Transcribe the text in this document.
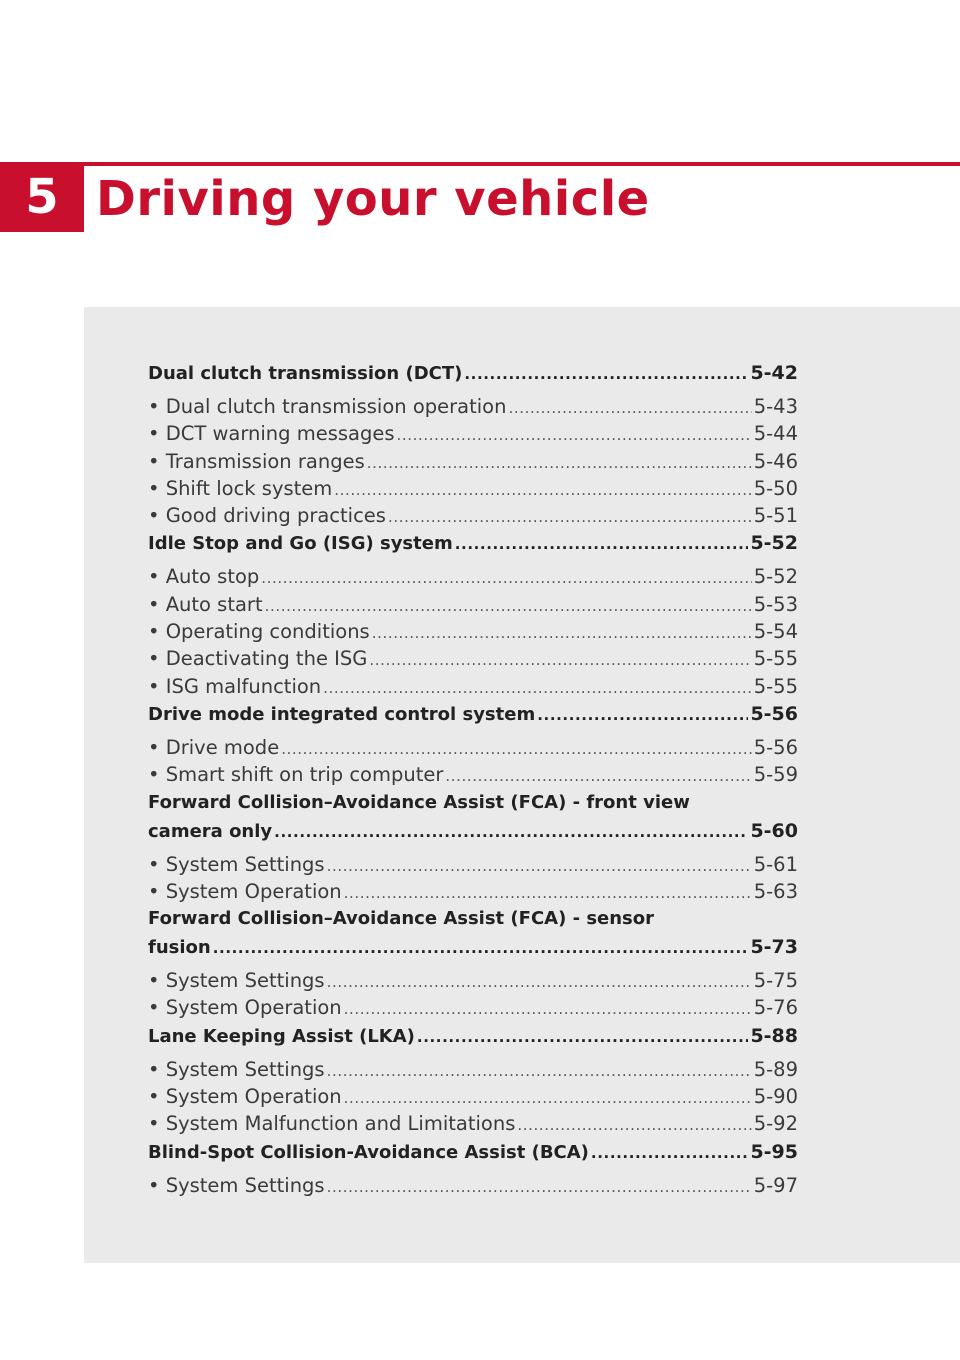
5 Driving your vehicle
Dual clutch transmission (DCT) .....	5-42
• Dual clutch transmission operation .....	5-43
• DCT warning messages .....	5-44
• Transmission ranges .....	5-46
• Shift lock system .....	5-50
• Good driving practices .....	5-51
Idle Stop and Go (ISG) system .....	5-52
• Auto stop .....	5-52
• Auto start .....	5-53
• Operating conditions .....	5-54
• Deactivating the ISG .....	5-55
• ISG malfunction .....	5-55
Drive mode integrated control system .....	5-56
• Drive mode .....	5-56
• Smart shift on trip computer .....	5-59
Forward Collision–Avoidance Assist (FCA) - front view
camera only .....	5-60
• System Settings .....	5-61
• System Operation .....	5-63
Forward Collision–Avoidance Assist (FCA) - sensor
fusion .....	5-73
• System Settings .....	5-75
• System Operation .....	5-76
Lane Keeping Assist (LKA) .....	5-88
• System Settings .....	5-89
• System Operation .....	5-90
• System Malfunction and Limitations .....	5-92
Blind-Spot Collision-Avoidance Assist (BCA) .....	5-95
• System Settings .....	5-97
